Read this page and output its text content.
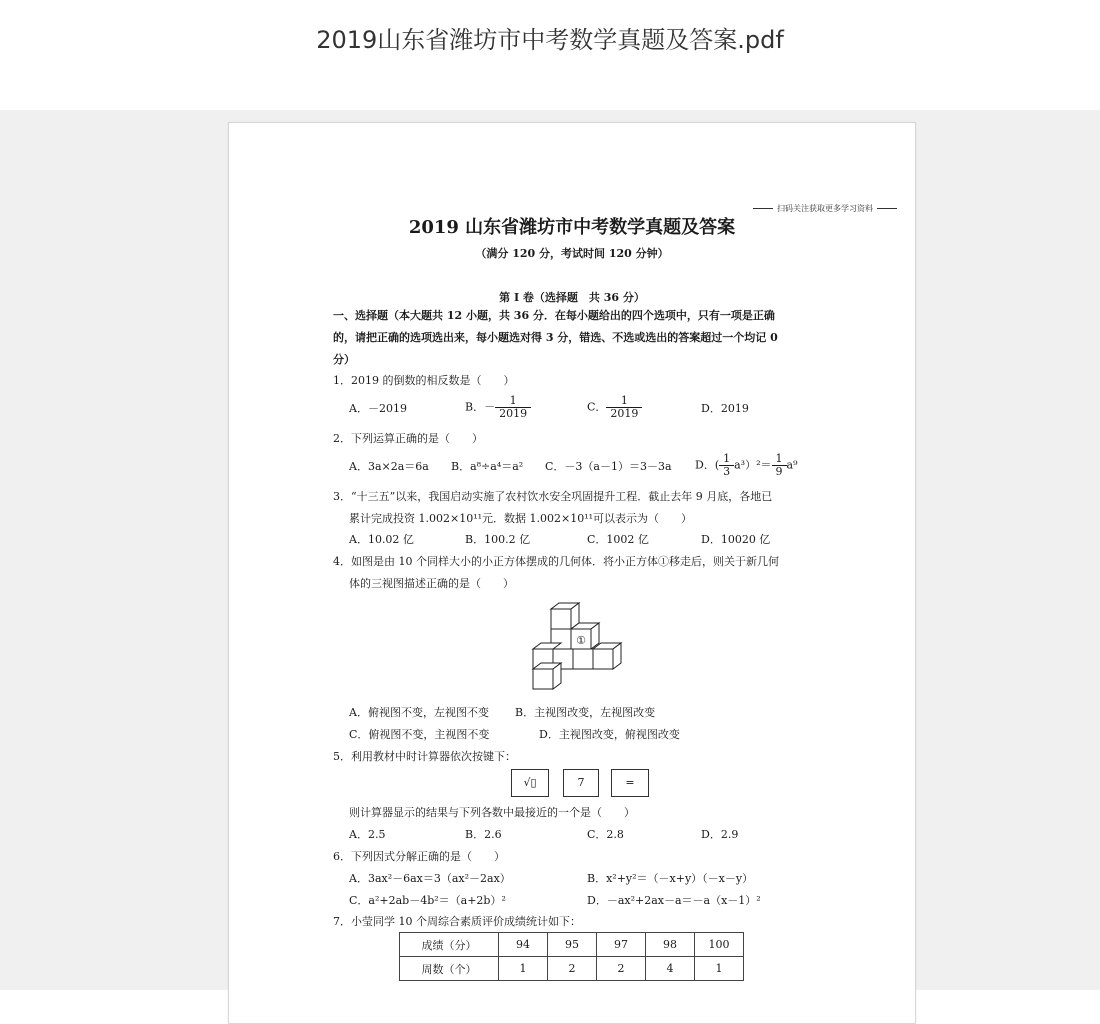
2019山东省潍坊市中考数学真题及答案.pdf
扫码关注获取更多学习资料
2019 山东省潍坊市中考数学真题及答案
（满分 120 分，考试时间 120 分钟）
第 I 卷（选择题　共 36 分）
一、选择题（本大题共 12 小题，共 36 分．在每小题给出的四个选项中，只有一项是正确
的，请把正确的选项选出来，每小题选对得 3 分，错选、不选或选出的答案超过一个均记 0
分）
1．2019 的倒数的相反数是（　　）
A．－2019	B．－ $\frac{1}{2019}$	C． $\frac{1}{2019}$	D．2019
2．下列运算正确的是（　　）
A．3a×2a＝6a B．a⁸÷a⁴＝a² C．－3（a－1）＝3－3a D．( $\frac{1}{3} a^3)^2= \frac{1}{9} a^9$
3．“十三五”以来，我国启动实施了农村饮水安全巩固提升工程．截止去年 9 月底，各地已
累计完成投资 1.002×10¹¹元．数据 1.002×10¹¹可以表示为（　　）
A．10.02 亿	B．100.2 亿	C．1002 亿	D．10020 亿
4．如图是由 10 个同样大小的小正方体摆成的几何体．将小正方体①移走后，则关于新几何
体的三视图描述正确的是（　　）
①
A．俯视图不变，左视图不变 B．主视图改变，左视图改变
C．俯视图不变，主视图不变	D．主视图改变，俯视图改变
5．利用教材中时计算器依次按键下：
√▯	7	=
则计算器显示的结果与下列各数中最接近的一个是（　　）
A．2.5	B．2.6	C．2.8	D．2.9
6．下列因式分解正确的是（　　）
A．3ax²－6ax＝3（ax²－2ax）	B．x²+y²＝（－x+y）（－x－y）
C．a²+2ab－4b²＝（a+2b）²	D．－ax²+2ax－a＝－a（x－1）²
7．小莹同学 10 个周综合素质评价成绩统计如下：
成绩（分）	94	95	97	98	100
周数（个）	1	2	2	4	1
